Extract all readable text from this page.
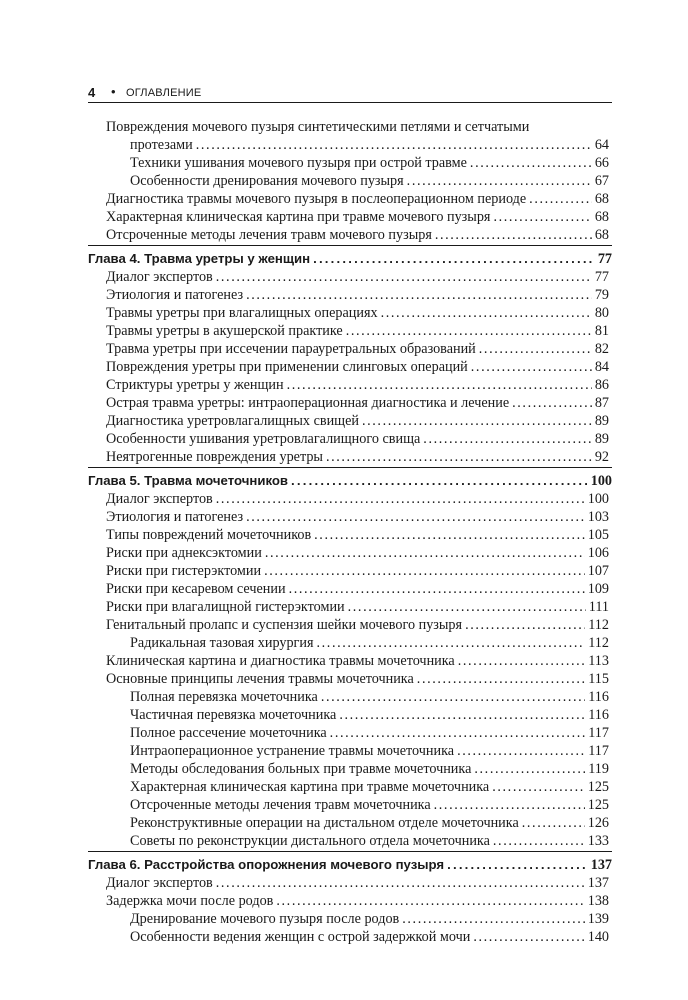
4 • ОГЛАВЛЕНИЕ
Повреждения мочевого пузыря синтетическими петлями и сетчатыми
протезами .....	64
Техники ушивания мочевого пузыря при острой травме .....	66
Особенности дренирования мочевого пузыря .....	67
Диагностика травмы мочевого пузыря в послеоперационном периоде .....	68
Характерная клиническая картина при травме мочевого пузыря .....	68
Отсроченные методы лечения травм мочевого пузыря .....	68
Глава 4. Травма уретры у женщин .....	77
Диалог экспертов .....	77
Этиология и патогенез .....	79
Травмы уретры при влагалищных операциях .....	80
Травмы уретры в акушерской практике .....	81
Травма уретры при иссечении парауретральных образований .....	82
Повреждения уретры при применении слинговых операций .....	84
Стриктуры уретры у женщин .....	86
Острая травма уретры: интраоперационная диагностика и лечение .....	87
Диагностика уретровлагалищных свищей .....	89
Особенности ушивания уретровлагалищного свища .....	89
Неятрогенные повреждения уретры .....	92
Глава 5. Травма мочеточников .....	100
Диалог экспертов .....	100
Этиология и патогенез .....	103
Типы повреждений мочеточников .....	105
Риски при аднексэктомии .....	106
Риски при гистерэктомии .....	107
Риски при кесаревом сечении .....	109
Риски при влагалищной гистерэктомии .....	111
Генитальный пролапс и суспензия шейки мочевого пузыря .....	112
Радикальная тазовая хирургия .....	112
Клиническая картина и диагностика травмы мочеточника .....	113
Основные принципы лечения травмы мочеточника .....	115
Полная перевязка мочеточника .....	116
Частичная перевязка мочеточника .....	116
Полное рассечение мочеточника .....	117
Интраоперационное устранение травмы мочеточника .....	117
Методы обследования больных при травме мочеточника .....	119
Характерная клиническая картина при травме мочеточника .....	125
Отсроченные методы лечения травм мочеточника .....	125
Реконструктивные операции на дистальном отделе мочеточника .....	126
Советы по реконструкции дистального отдела мочеточника .....	133
Глава 6. Расстройства опорожнения мочевого пузыря .....	137
Диалог экспертов .....	137
Задержка мочи после родов .....	138
Дренирование мочевого пузыря после родов .....	139
Особенности ведения женщин с острой задержкой мочи .....	140
